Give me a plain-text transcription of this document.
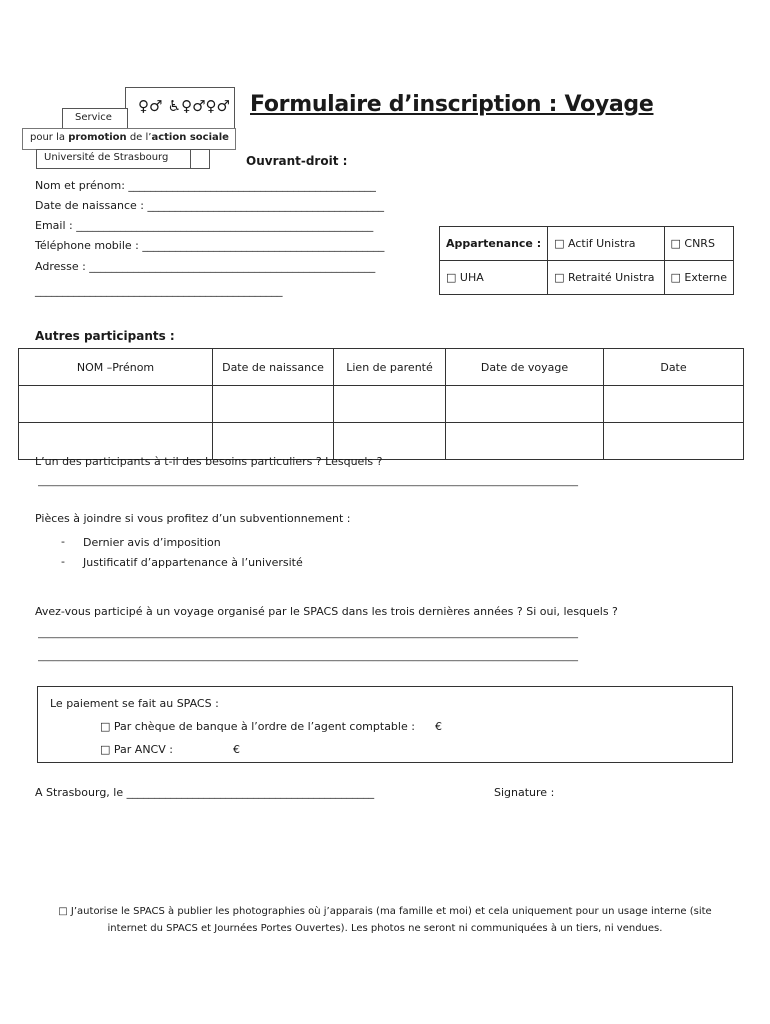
Service
♀♂ ♿♀♂♀♂
pour la promotion de l’action sociale
Université de Strasbourg
Formulaire d’inscription : Voyage
Ouvrant-droit :
Nom et prénom: _____________________________________________
Date de naissance : ___________________________________________
Email : ______________________________________________________
Téléphone mobile : ____________________________________________
Adresse : ____________________________________________________
_____________________________________________
Appartenance :	□ Actif Unistra	□ CNRS
□ UHA	□ Retraité Unistra	□ Externe
Autres participants :
NOM –Prénom	Date de naissance	Lien de parenté	Date de voyage	Date

L’un des participants à t-il des besoins particuliers ? Lesquels ?
____________________________________________________________________________________________________________
Pièces à joindre si vous profitez d’un subventionnement :
- Dernier avis d’imposition
- Justificatif d’appartenance à l’université
Avez-vous participé à un voyage organisé par le SPACS dans les trois dernières années ? Si oui, lesquels ?
____________________________________________________________________________________________________________
____________________________________________________________________________________________________________
Le paiement se fait au SPACS :
□ Par chèque de banque à l’ordre de l’agent comptable : €
□ Par ANCV :	€
A Strasbourg, le _____________________________________________	Signature :
□ J’autorise le SPACS à publier les photographies où j’apparais (ma famille et moi) et cela uniquement pour un usage interne (site
internet du SPACS et Journées Portes Ouvertes). Les photos ne seront ni communiquées à un tiers, ni vendues.
